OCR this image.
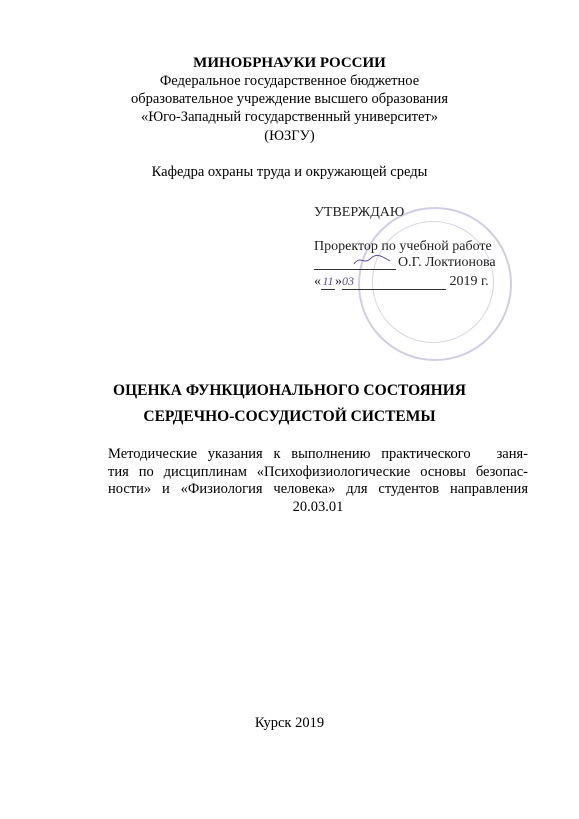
МИНОБРНАУКИ РОССИИ
Федеральное государственное бюджетное
образовательное учреждение высшего образования
«Юго-Западный государственный университет»
(ЮЗГУ)
Кафедра охраны труда и окружающей среды
УТВЕРЖДАЮ
Проректор по учебной работе
О.Г. Локтионова
«11»03	2019 г.
ОЦЕНКА ФУНКЦИОНАЛЬНОГО СОСТОЯНИЯ
СЕРДЕЧНО-СОСУДИСТОЙ СИСТЕМЫ
Методические указания к выполнению практического заня-
тия по дисциплинам «Психофизиологические основы безопас-
ности» и «Физиология человека» для студентов направления
20.03.01
Курск 2019
